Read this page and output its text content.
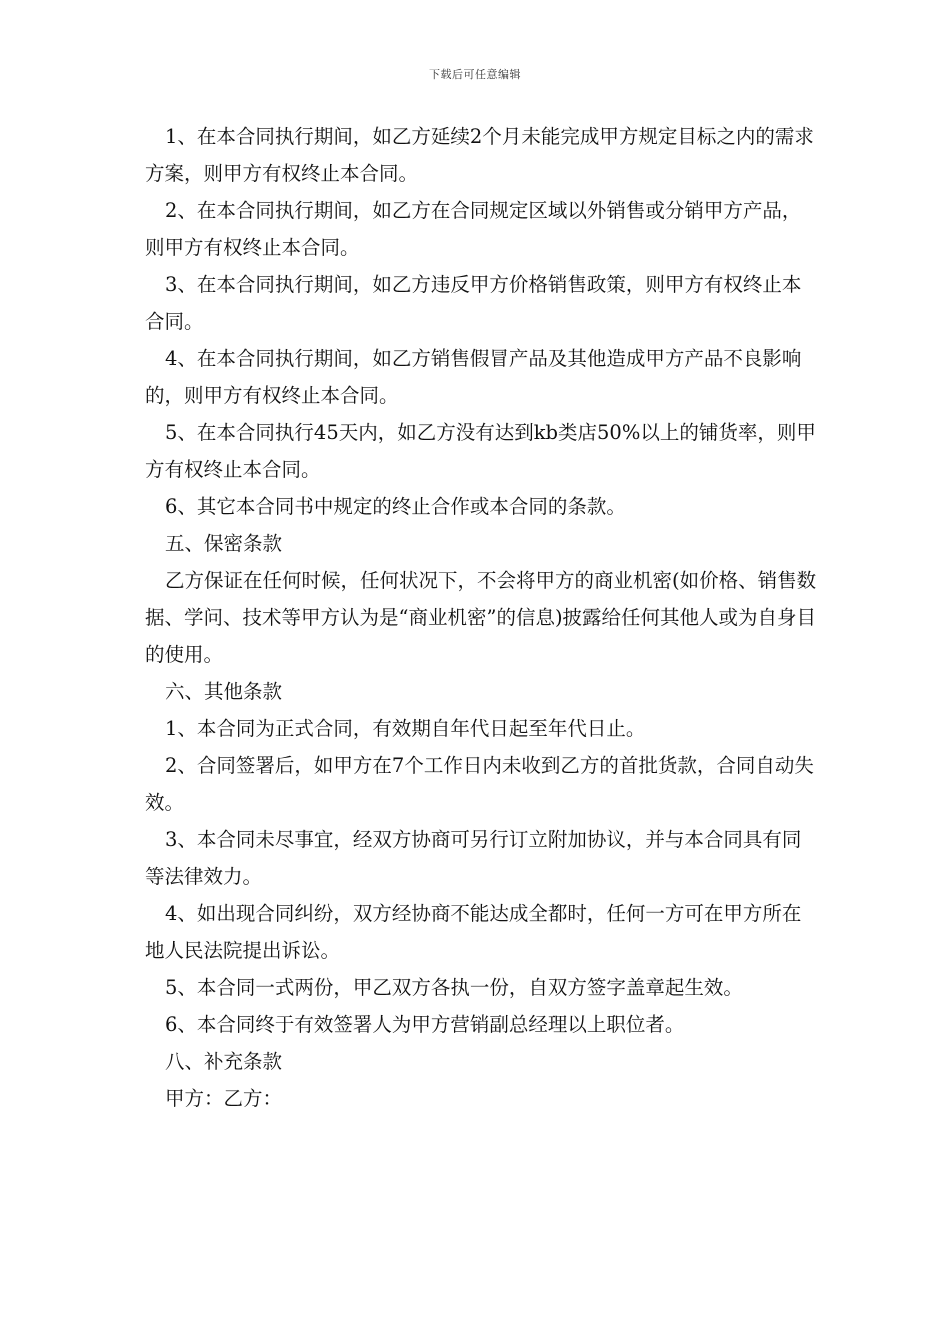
下载后可任意编辑

1、在本合同执行期间，如乙方延续2个月未能完成甲方规定目标之内的需求方案，则甲方有权终止本合同。

2、在本合同执行期间，如乙方在合同规定区域以外销售或分销甲方产品，则甲方有权终止本合同。

3、在本合同执行期间，如乙方违反甲方价格销售政策，则甲方有权终止本合同。

4、在本合同执行期间，如乙方销售假冒产品及其他造成甲方产品不良影响的，则甲方有权终止本合同。

5、在本合同执行45天内，如乙方没有达到kb类店50%以上的铺货率，则甲方有权终止本合同。

6、其它本合同书中规定的终止合作或本合同的条款。

五、保密条款

乙方保证在任何时候，任何状况下，不会将甲方的商业机密(如价格、销售数据、学问、技术等甲方认为是“商业机密”的信息)披露给任何其他人或为自身目的使用。

六、其他条款

1、本合同为正式合同，有效期自年代日起至年代日止。

2、合同签署后，如甲方在7个工作日内未收到乙方的首批货款，合同自动失效。

3、本合同未尽事宜，经双方协商可另行订立附加协议，并与本合同具有同等法律效力。

4、如出现合同纠纷，双方经协商不能达成全都时，任何一方可在甲方所在地人民法院提出诉讼。

5、本合同一式两份，甲乙双方各执一份，自双方签字盖章起生效。

6、本合同终于有效签署人为甲方营销副总经理以上职位者。

八、补充条款

甲方：乙方：
